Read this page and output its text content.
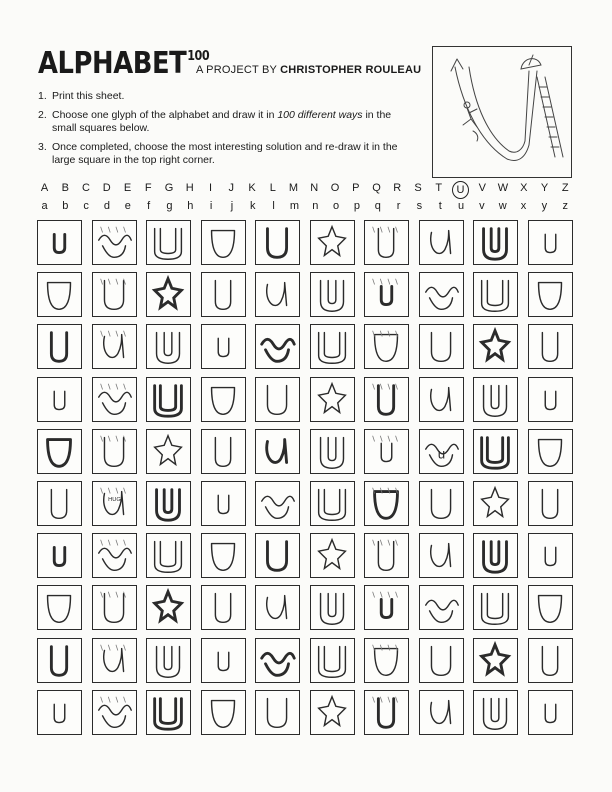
ALPHABET$^{100}$
A PROJECT BY CHRISTOPHER ROULEAU
1. Print this sheet.
2. Choose one glyph of the alphabet and draw it in 100 different ways in the small squares below.
3. Once completed, choose the most interesting solution and re-draw it in the large square in the top right corner.
A	B	C	D	E	F	G	H	I	J	K	L	M	N	O	P	Q	R	S	T	U	V	W	X	Y	Z
a	b	c	d	e	f	g	h	i	j	k	l	m	n	o	p	q	r	s	t	u	v	w	x	y	z
u
HUG
